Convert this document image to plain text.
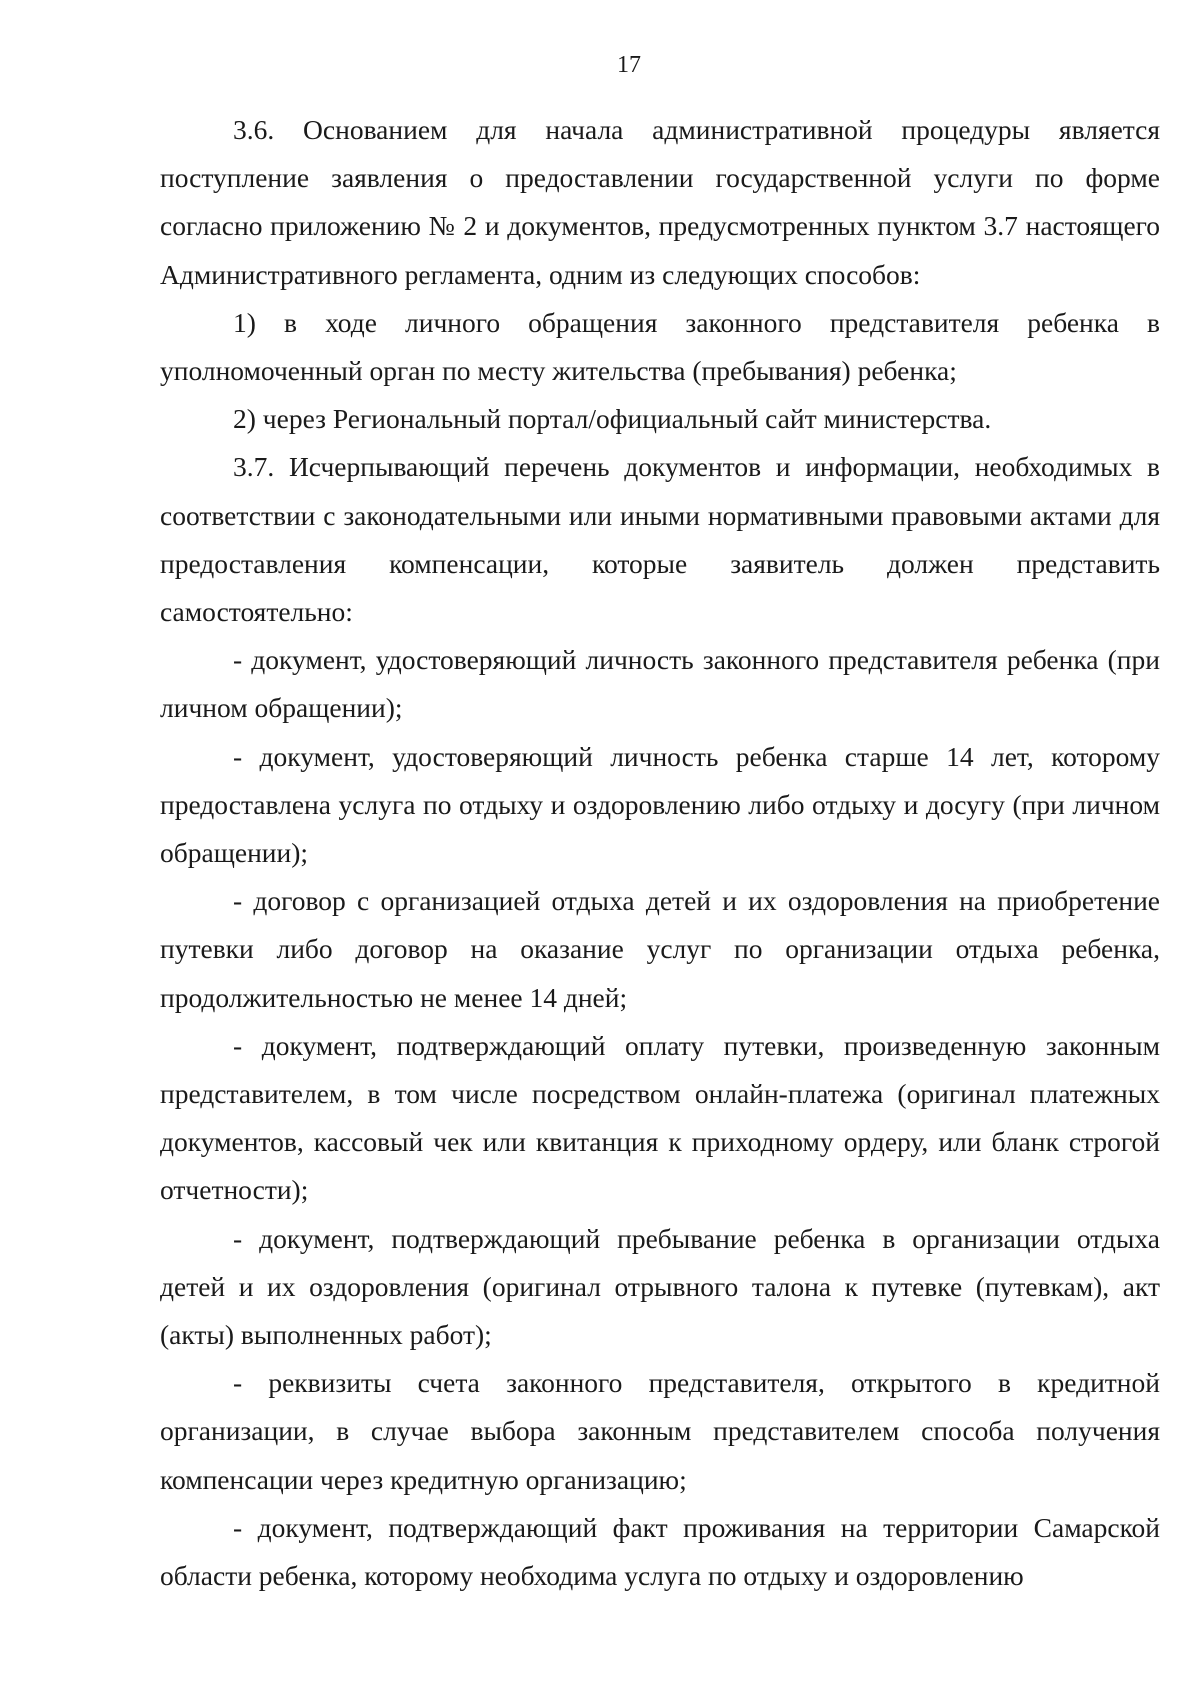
17

3.6. Основанием для начала административной процедуры является поступление заявления о предоставлении государственной услуги по форме согласно приложению № 2 и документов, предусмотренных пунктом 3.7 настоящего Административного регламента, одним из следующих способов:

1) в ходе личного обращения законного представителя ребенка в уполномоченный орган по месту жительства (пребывания) ребенка;

2) через Региональный портал/официальный сайт министерства.

3.7. Исчерпывающий перечень документов и информации, необходимых в соответствии с законодательными или иными нормативными правовыми актами для предоставления компенсации, которые заявитель должен представить самостоятельно:

- документ, удостоверяющий личность законного представителя ребенка (при личном обращении);

- документ, удостоверяющий личность ребенка старше 14 лет, которому предоставлена услуга по отдыху и оздоровлению либо отдыху и досугу (при личном обращении);

- договор с организацией отдыха детей и их оздоровления на приобретение путевки либо договор на оказание услуг по организации отдыха ребенка, продолжительностью не менее 14 дней;

- документ, подтверждающий оплату путевки, произведенную законным представителем, в том числе посредством онлайн-платежа (оригинал платежных документов, кассовый чек или квитанция к приходному ордеру, или бланк строгой отчетности);

- документ, подтверждающий пребывание ребенка в организации отдыха детей и их оздоровления (оригинал отрывного талона к путевке (путевкам), акт (акты) выполненных работ);

- реквизиты счета законного представителя, открытого в кредитной организации, в случае выбора законным представителем способа получения компенсации через кредитную организацию;

- документ, подтверждающий факт проживания на территории Самарской области ребенка, которому необходима услуга по отдыху и оздоровлению
